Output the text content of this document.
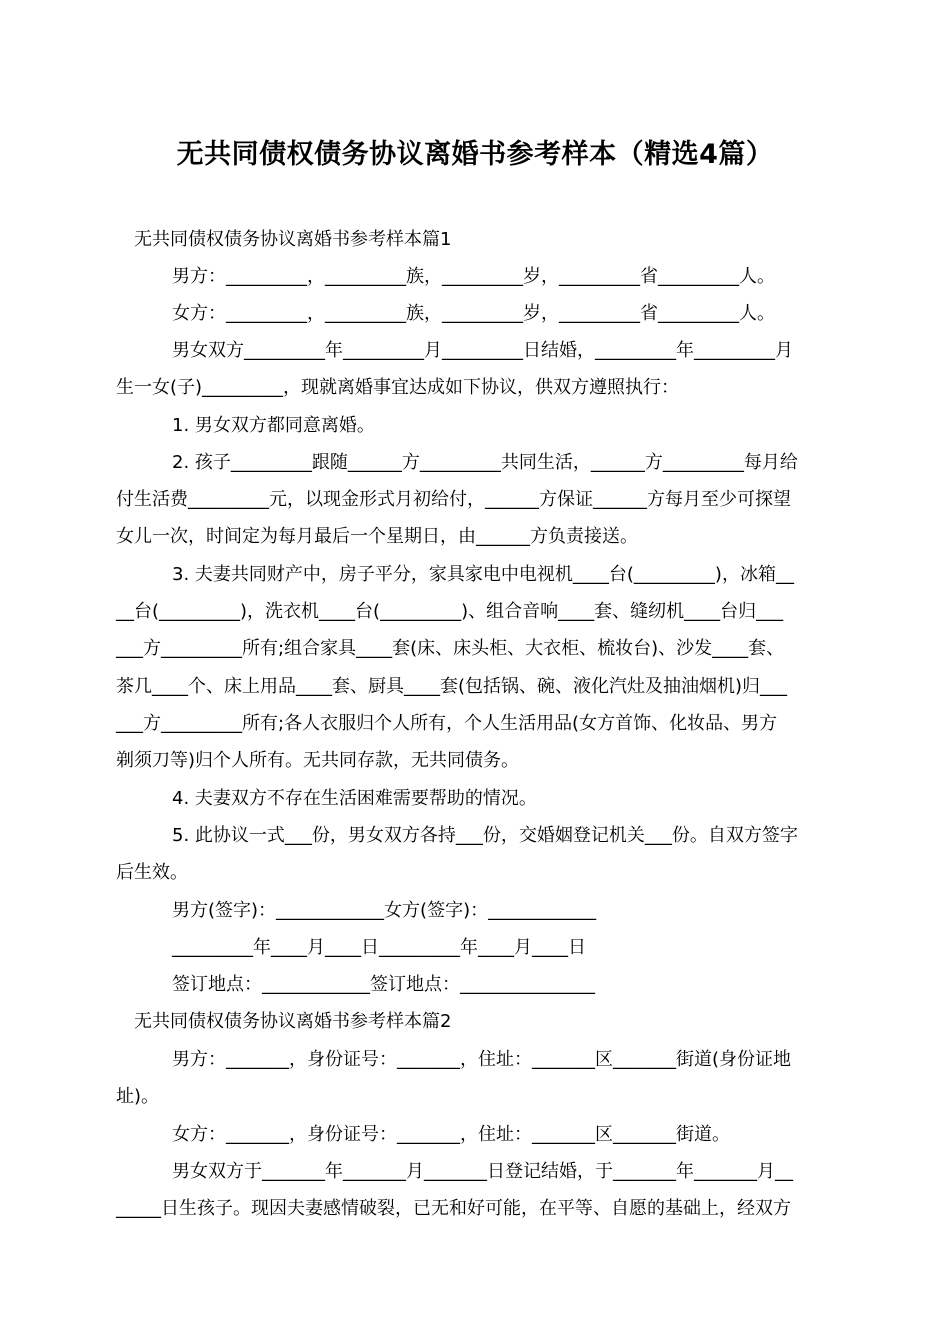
无共同债权债务协议离婚书参考样本（精选4篇）
无共同债权债务协议离婚书参考样本篇1
男方：_________，_________族，_________岁，_________省_________人。
女方：_________，_________族，_________岁，_________省_________人。
男女双方_________年_________月_________日结婚，_________年_________月
生一女(子)_________，现就离婚事宜达成如下协议，供双方遵照执行：
1. 男女双方都同意离婚。
2. 孩子_________跟随______方_________共同生活，______方_________每月给
付生活费_________元，以现金形式月初给付，______方保证______方每月至少可探望
女儿一次，时间定为每月最后一个星期日，由______方负责接送。
3. 夫妻共同财产中，房子平分，家具家电中电视机____台(_________)，冰箱__
__台(_________)，洗衣机____台(_________)、组合音响____套、缝纫机____台归___
___方_________所有;组合家具____套(床、床头柜、大衣柜、梳妆台)、沙发____套、
茶几____个、床上用品____套、厨具____套(包括锅、碗、液化汽灶及抽油烟机)归___
___方_________所有;各人衣服归个人所有，个人生活用品(女方首饰、化妆品、男方
剃须刀等)归个人所有。无共同存款，无共同债务。
4. 夫妻双方不存在生活困难需要帮助的情况。
5. 此协议一式___份，男女双方各持___份，交婚姻登记机关___份。自双方签字
后生效。
男方(签字)：____________女方(签字)：____________
_________年____月____日_________年____月____日
签订地点：____________签订地点：_______________
无共同债权债务协议离婚书参考样本篇2
男方：_______，身份证号：_______，住址：_______区_______街道(身份证地
址)。
女方：_______，身份证号：_______，住址：_______区_______街道。
男女双方于_______年_______月_______日登记结婚，于_______年_______月__
_____日生孩子。现因夫妻感情破裂，已无和好可能，在平等、自愿的基础上，经双方
